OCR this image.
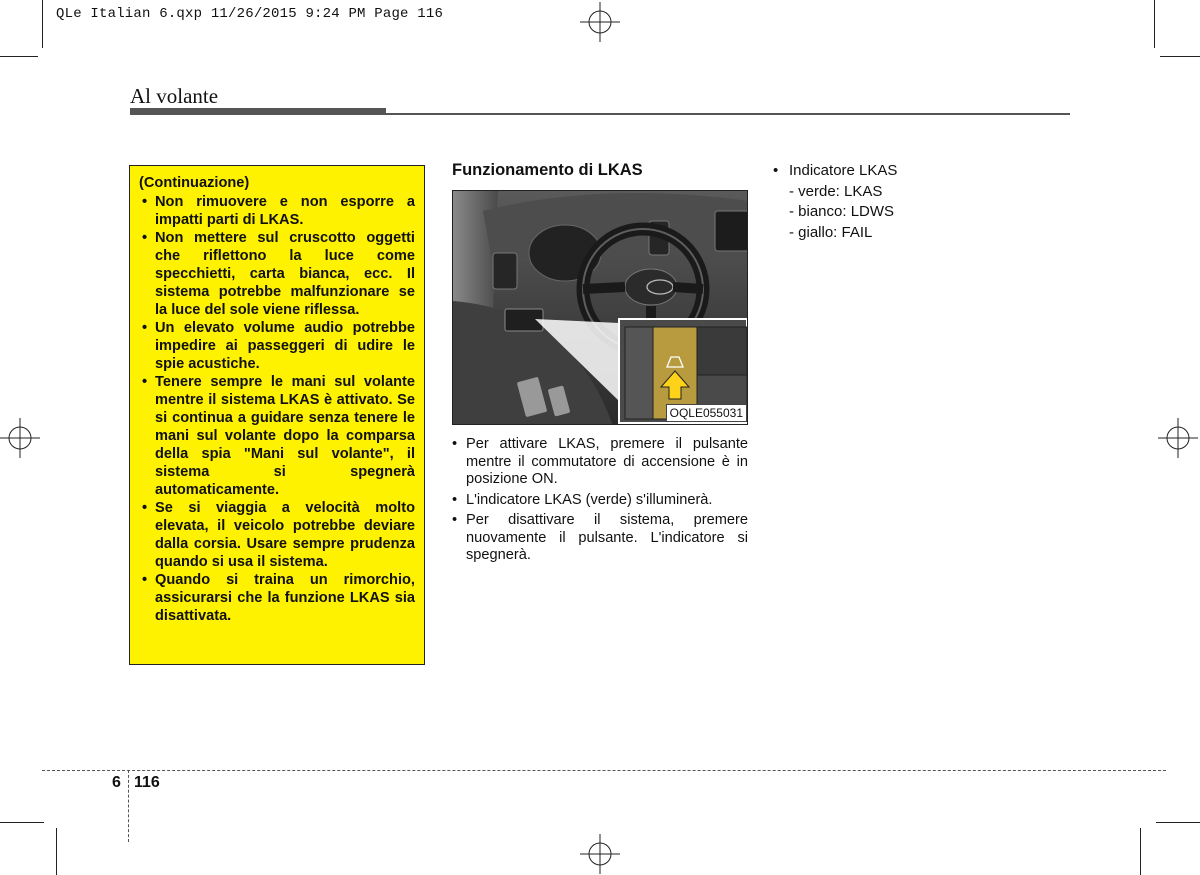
QLe Italian 6.qxp 11/26/2015 9:24 PM Page 116
Al volante
(Continuazione)
• Non rimuovere e non esporre a impatti parti di LKAS.
• Non mettere sul cruscotto oggetti che riflettono la luce come specchietti, carta bianca, ecc. Il sistema potrebbe malfunzionare se la luce del sole viene riflessa.
• Un elevato volume audio potrebbe impedire ai passeggeri di udire le spie acustiche.
• Tenere sempre le mani sul volante mentre il sistema LKAS è attivato. Se si continua a guidare senza tenere le mani sul volante dopo la comparsa della spia "Mani sul volante", il sistema si spegnerà automaticamente.
• Se si viaggia a velocità molto elevata, il veicolo potrebbe deviare dalla corsia. Usare sempre prudenza quando si usa il sistema.
• Quando si traina un rimorchio, assicurarsi che la funzione LKAS sia disattivata.
Funzionamento di LKAS
OQLE055031
• Per attivare LKAS, premere il pulsante mentre il commutatore di accensione è in posizione ON.
• L'indicatore LKAS (verde) s'illuminerà.
• Per disattivare il sistema, premere nuovamente il pulsante. L'indicatore si spegnerà.
• Indicatore LKAS
- verde: LKAS
- bianco: LDWS
- giallo: FAIL
6 116
